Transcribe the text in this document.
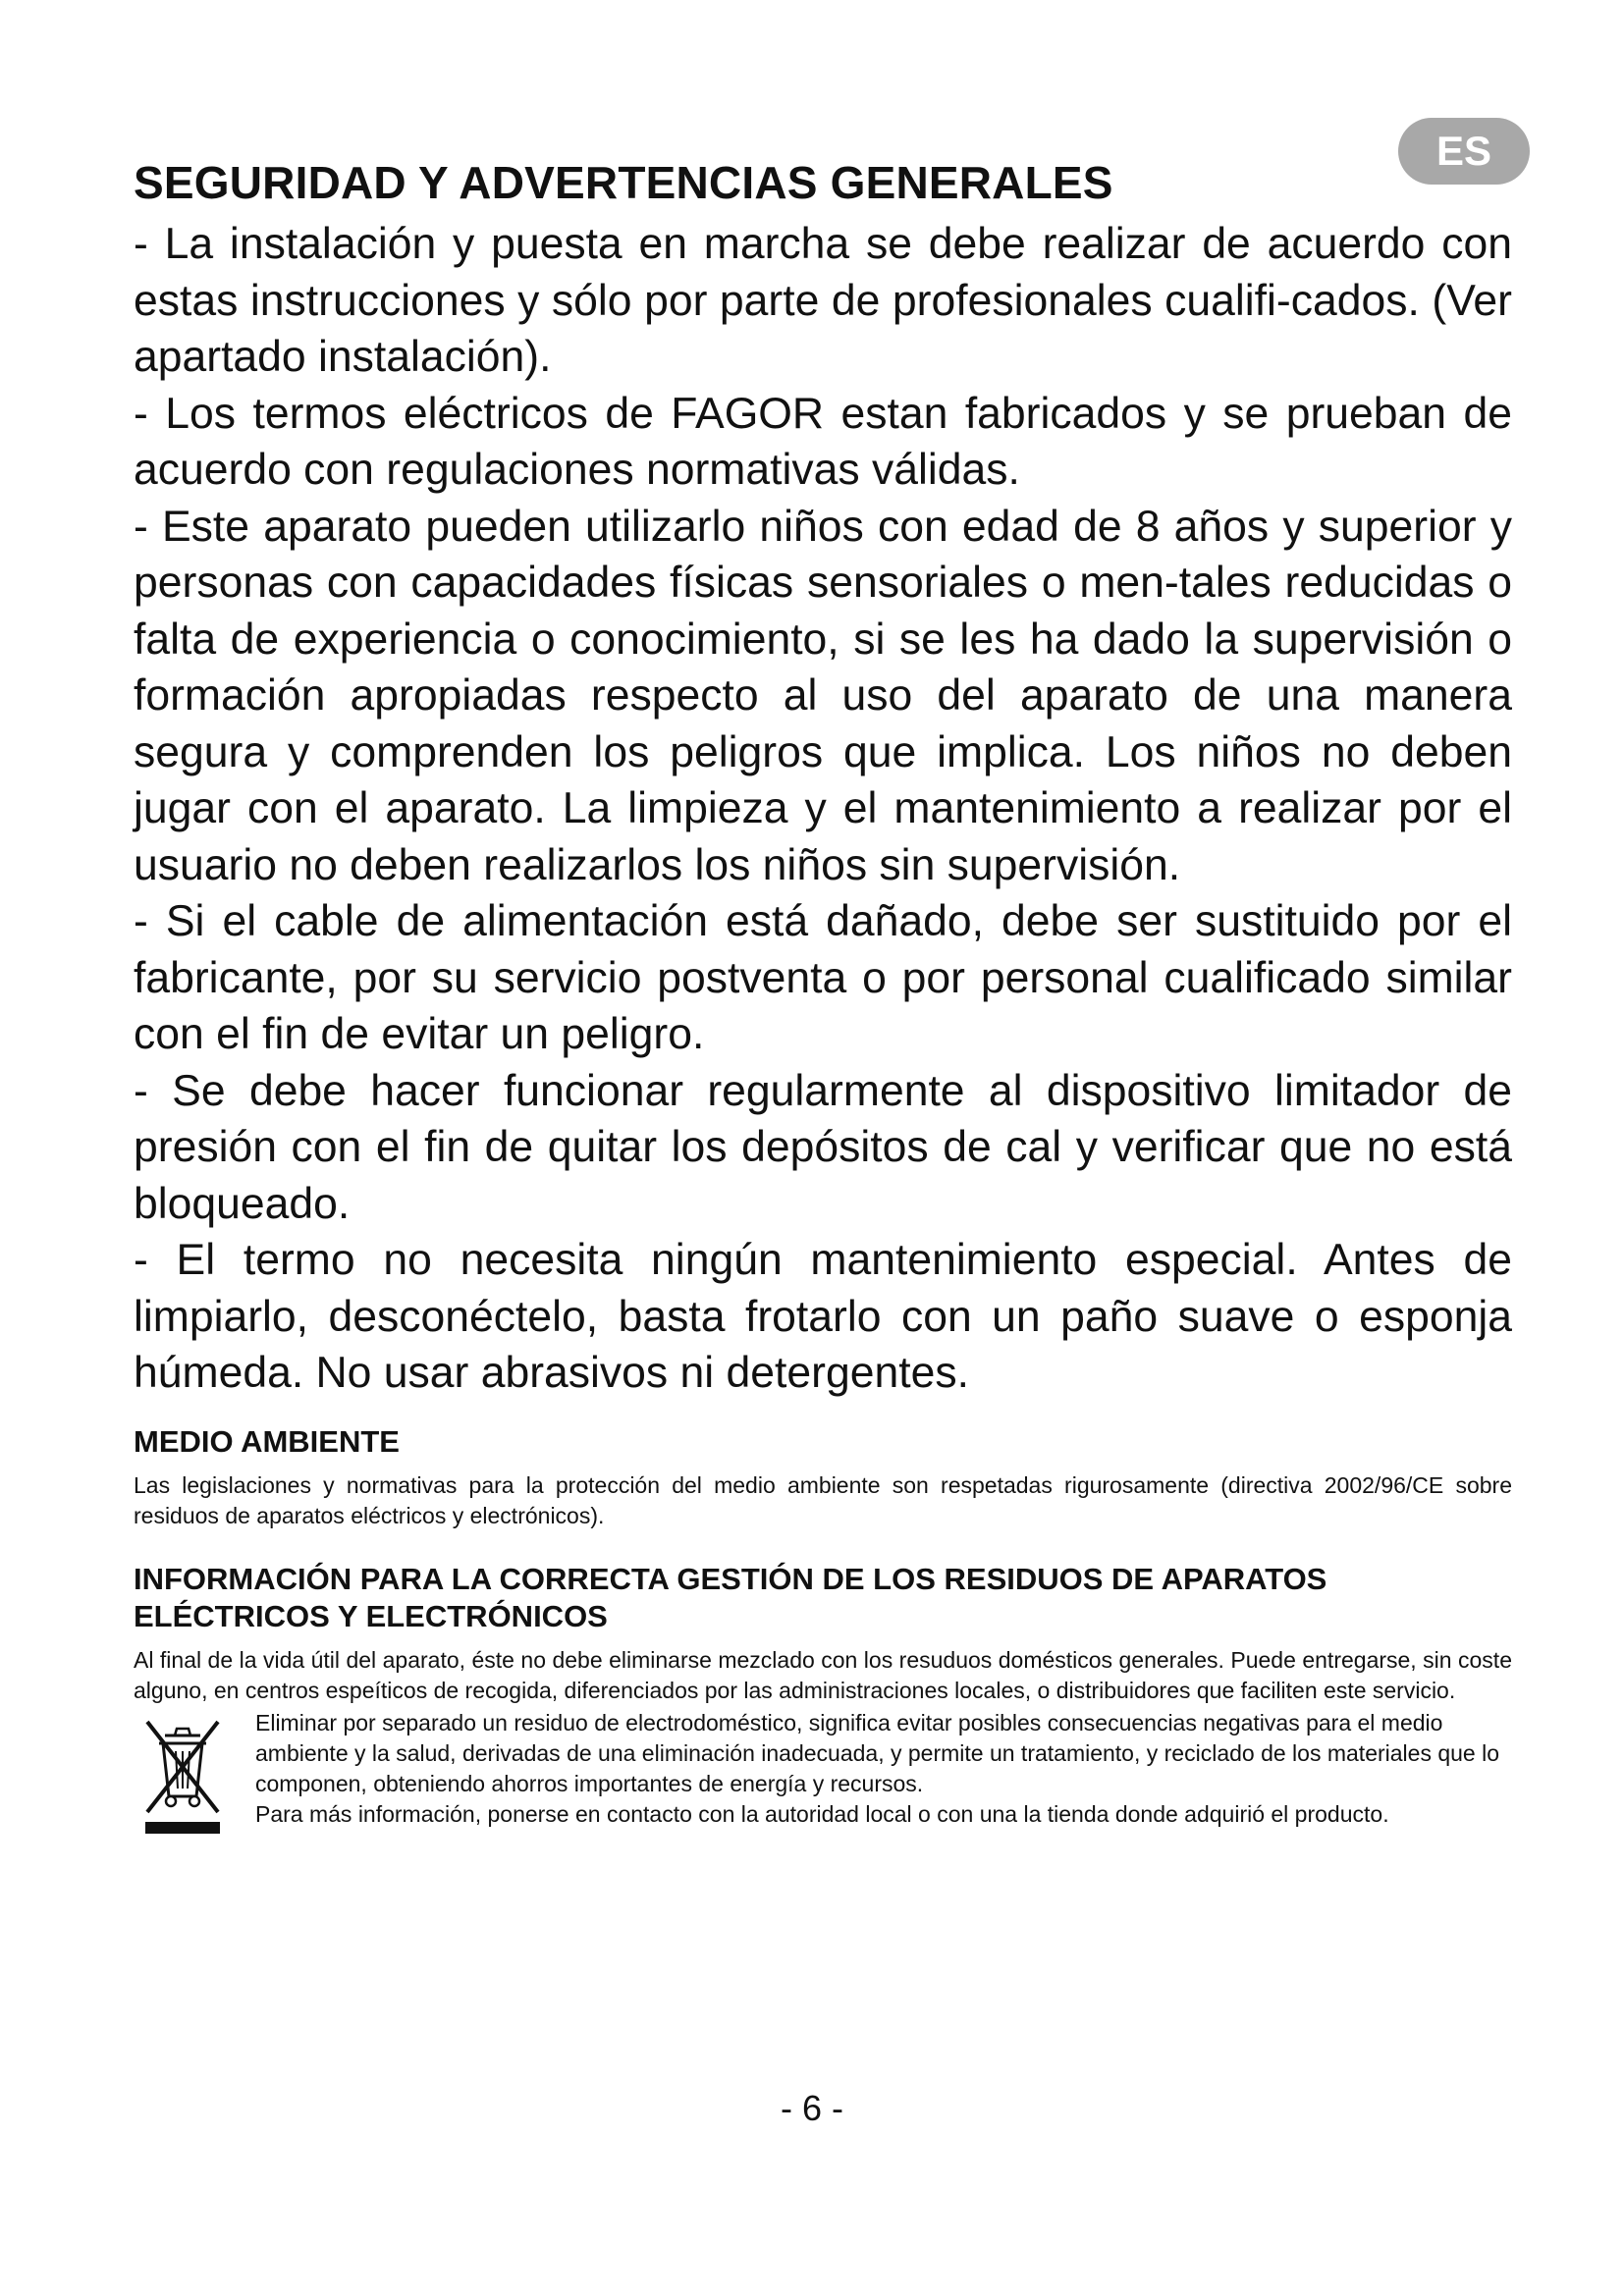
ES
SEGURIDAD Y ADVERTENCIAS GENERALES

- La instalación y puesta en marcha se debe realizar de acuerdo con estas instrucciones y sólo por parte de profesionales cualifi-cados. (Ver apartado instalación).

- Los termos eléctricos de FAGOR estan fabricados y se prueban de acuerdo con regulaciones normativas válidas.

- Este aparato pueden utilizarlo niños con edad de 8 años y superior y personas con capacidades físicas sensoriales o men-tales reducidas o falta de experiencia o conocimiento, si se les ha dado la supervisión o formación apropiadas respecto al uso del aparato de una manera segura y comprenden los peligros que implica. Los niños no deben jugar con el aparato. La limpieza y el mantenimiento a realizar por el usuario no deben realizarlos los niños sin supervisión.

- Si el cable de alimentación está dañado, debe ser sustituido por el fabricante, por su servicio postventa o por personal cualificado similar con el fin de evitar un peligro.

- Se debe hacer funcionar regularmente al dispositivo limitador de presión con el fin de quitar los depósitos de cal y verificar que no está bloqueado.

- El termo no necesita ningún mantenimiento especial. Antes de limpiarlo, desconéctelo, basta frotarlo con un paño suave o esponja húmeda. No usar abrasivos ni detergentes.

MEDIO AMBIENTE

Las legislaciones y normativas para la protección del medio ambiente son respetadas rigurosamente (directiva 2002/96/CE sobre residuos de aparatos eléctricos y electrónicos).

INFORMACIÓN PARA LA CORRECTA GESTIÓN DE LOS RESIDUOS DE APARATOS ELÉCTRICOS Y ELECTRÓNICOS

Al final de la vida útil del aparato, éste no debe eliminarse mezclado con los resuduos domésticos generales. Puede entregarse, sin coste alguno, en centros espeíticos de recogida, diferenciados por las administraciones locales, o distribuidores que faciliten este servicio.

Eliminar por separado un residuo de electrodoméstico, significa evitar posibles consecuencias negativas para el medio ambiente y la salud, derivadas de una eliminación inadecuada, y permite un tratamiento, y reciclado de los materiales que lo componen, obteniendo ahorros importantes de energía y recursos.

Para más información, ponerse en contacto con la autoridad local o con una la tienda donde adquirió el producto.

- 6 -
